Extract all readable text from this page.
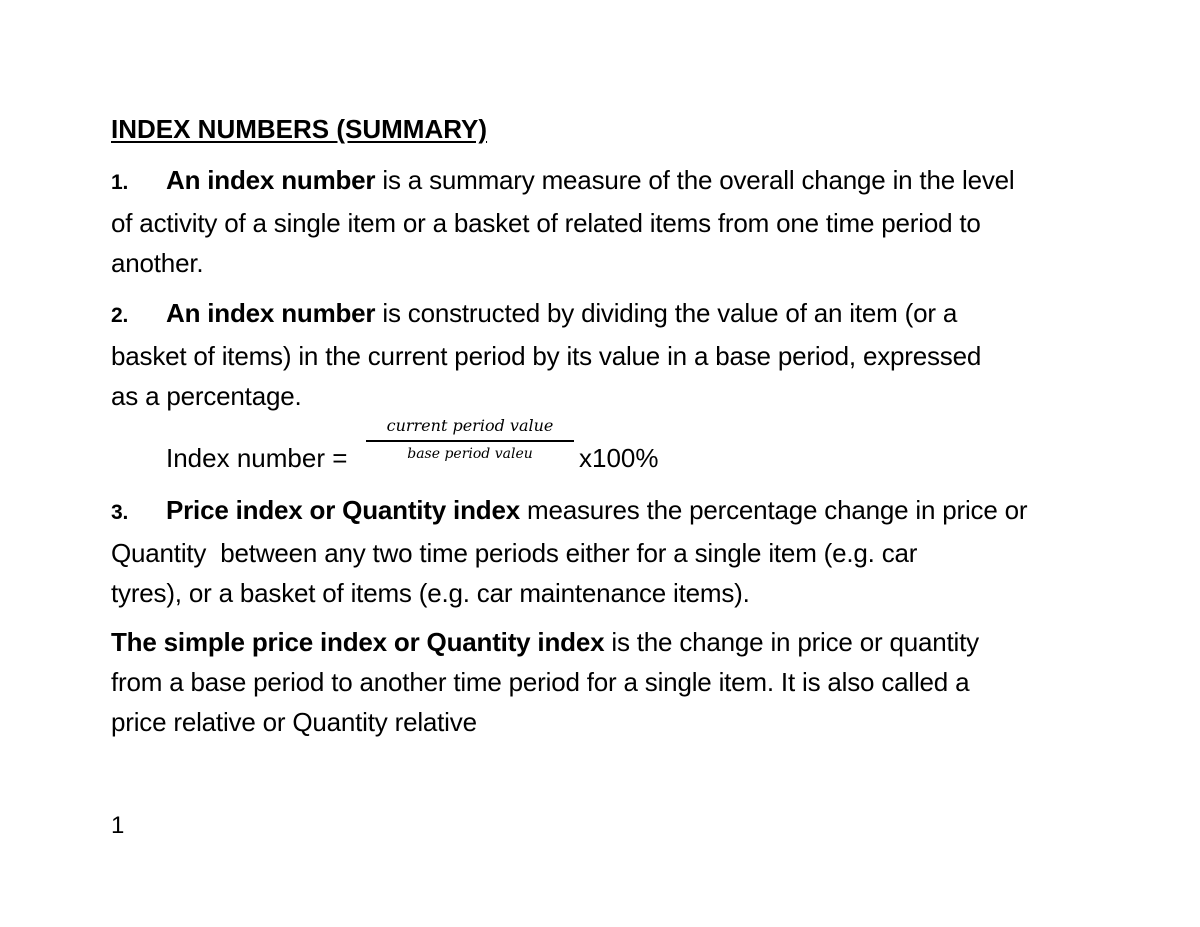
INDEX NUMBERS (SUMMARY)
1. An index number is a summary measure of the overall change in the level
of activity of a single item or a basket of related items from one time period to
another.
2. An index number is constructed by dividing the value of an item (or a
basket of items) in the current period by its value in a base period, expressed
as a percentage.
Index number =
current period value
base period valeu	x100%
3. Price index or Quantity index measures the percentage change in price or
Quantity  between any two time periods either for a single item (e.g. car
tyres), or a basket of items (e.g. car maintenance items).
The simple price index or Quantity index is the change in price or quantity
from a base period to another time period for a single item. It is also called a
price relative or Quantity relative
1
